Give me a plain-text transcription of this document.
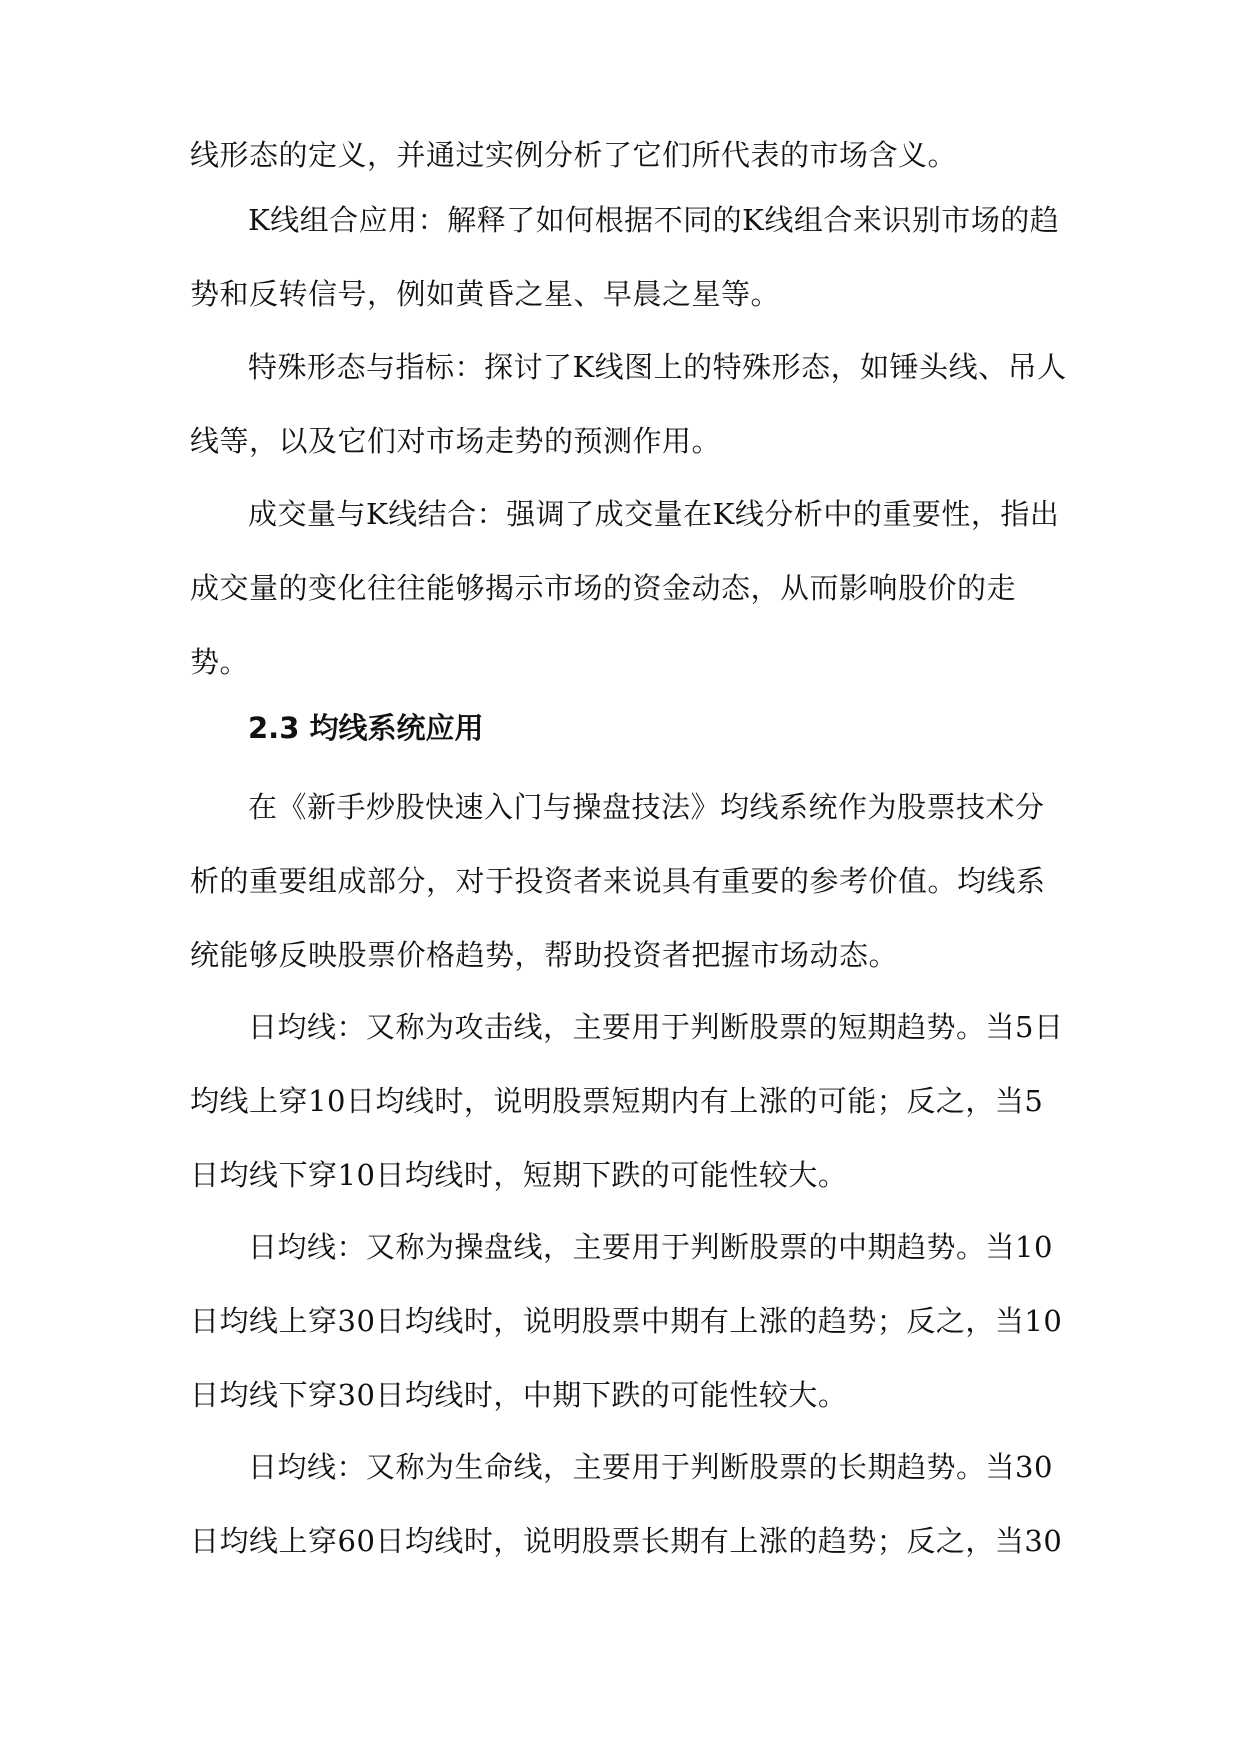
线形态的定义，并通过实例分析了它们所代表的市场含义。
K线组合应用：解释了如何根据不同的K线组合来识别市场的趋势和反转信号，例如黄昏之星、早晨之星等。
特殊形态与指标：探讨了K线图上的特殊形态，如锤头线、吊人线等，以及它们对市场走势的预测作用。
成交量与K线结合：强调了成交量在K线分析中的重要性，指出成交量的变化往往能够揭示市场的资金动态，从而影响股价的走势。
2.3 均线系统应用
在《新手炒股快速入门与操盘技法》均线系统作为股票技术分析的重要组成部分，对于投资者来说具有重要的参考价值。均线系统能够反映股票价格趋势，帮助投资者把握市场动态。
日均线：又称为攻击线，主要用于判断股票的短期趋势。当5日均线上穿10日均线时，说明股票短期内有上涨的可能；反之，当5日均线下穿10日均线时，短期下跌的可能性较大。
日均线：又称为操盘线，主要用于判断股票的中期趋势。当10日均线上穿30日均线时，说明股票中期有上涨的趋势；反之，当10日均线下穿30日均线时，中期下跌的可能性较大。
日均线：又称为生命线，主要用于判断股票的长期趋势。当30日均线上穿60日均线时，说明股票长期有上涨的趋势；反之，当30
